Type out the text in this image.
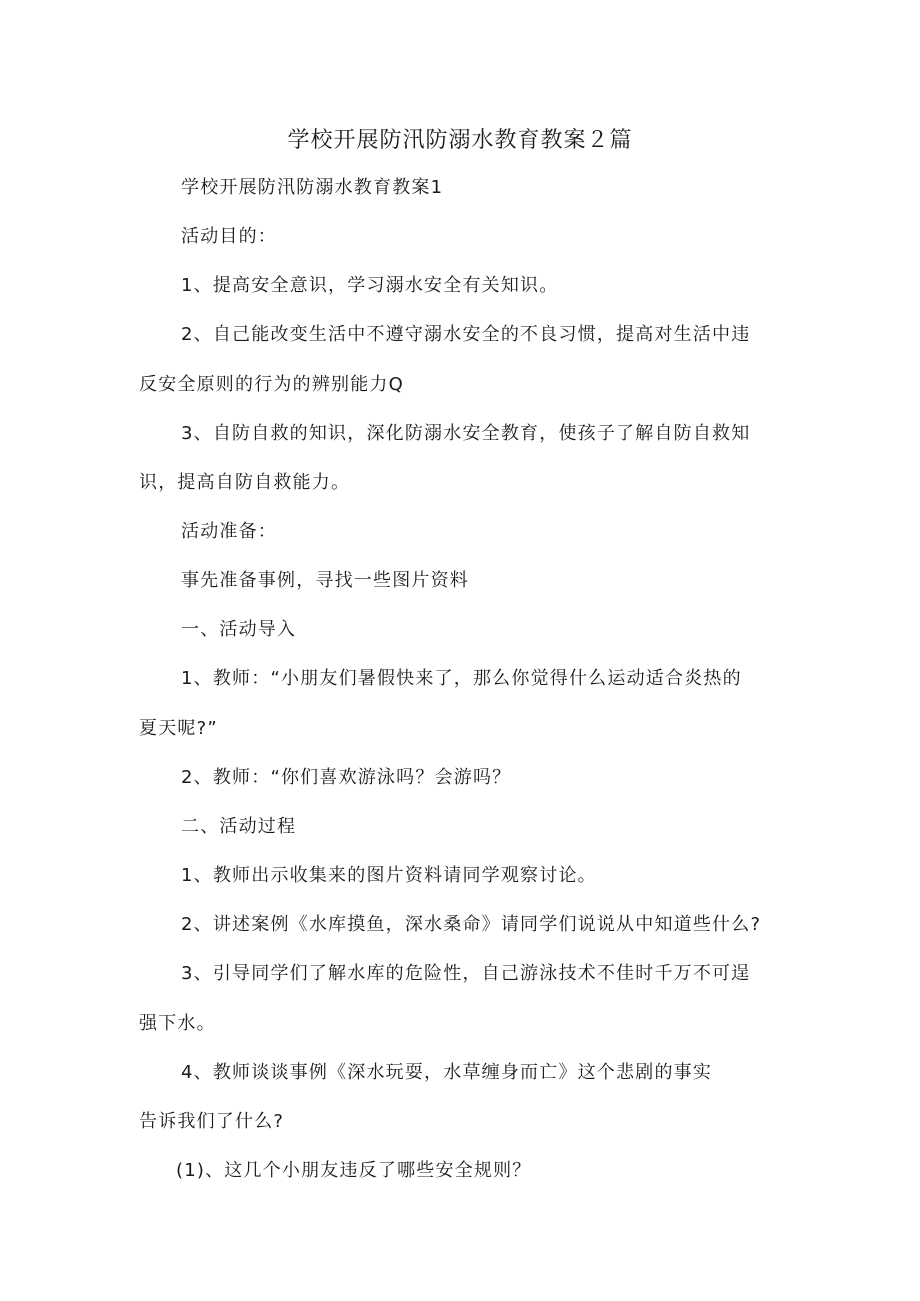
学校开展防汛防溺水教育教案２篇

学校开展防汛防溺水教育教案1

活动目的：

1、提高安全意识，学习溺水安全有关知识。

2、自己能改变生活中不遵守溺水安全的不良习惯，提高对生活中违

反安全原则的行为的辨别能力Q

3、自防自救的知识，深化防溺水安全教育，使孩子了解自防自救知

识，提高自防自救能力。

活动准备：

事先准备事例，寻找一些图片资料

一、活动导入

1、教师：“小朋友们暑假快来了，那么你觉得什么运动适合炎热的

夏天呢?”

2、教师：“你们喜欢游泳吗？会游吗？

二、活动过程

1、教师出示收集来的图片资料请同学观察讨论。

2、讲述案例《水库摸鱼，深水桑命》请同学们说说从中知道些什么?

3、引导同学们了解水库的危险性，自己游泳技术不佳时千万不可逞

强下水。

4、教师谈谈事例《深水玩耍，水草缠身而亡》这个悲剧的事实

告诉我们了什么?

(1)、这几个小朋友违反了哪些安全规则？
